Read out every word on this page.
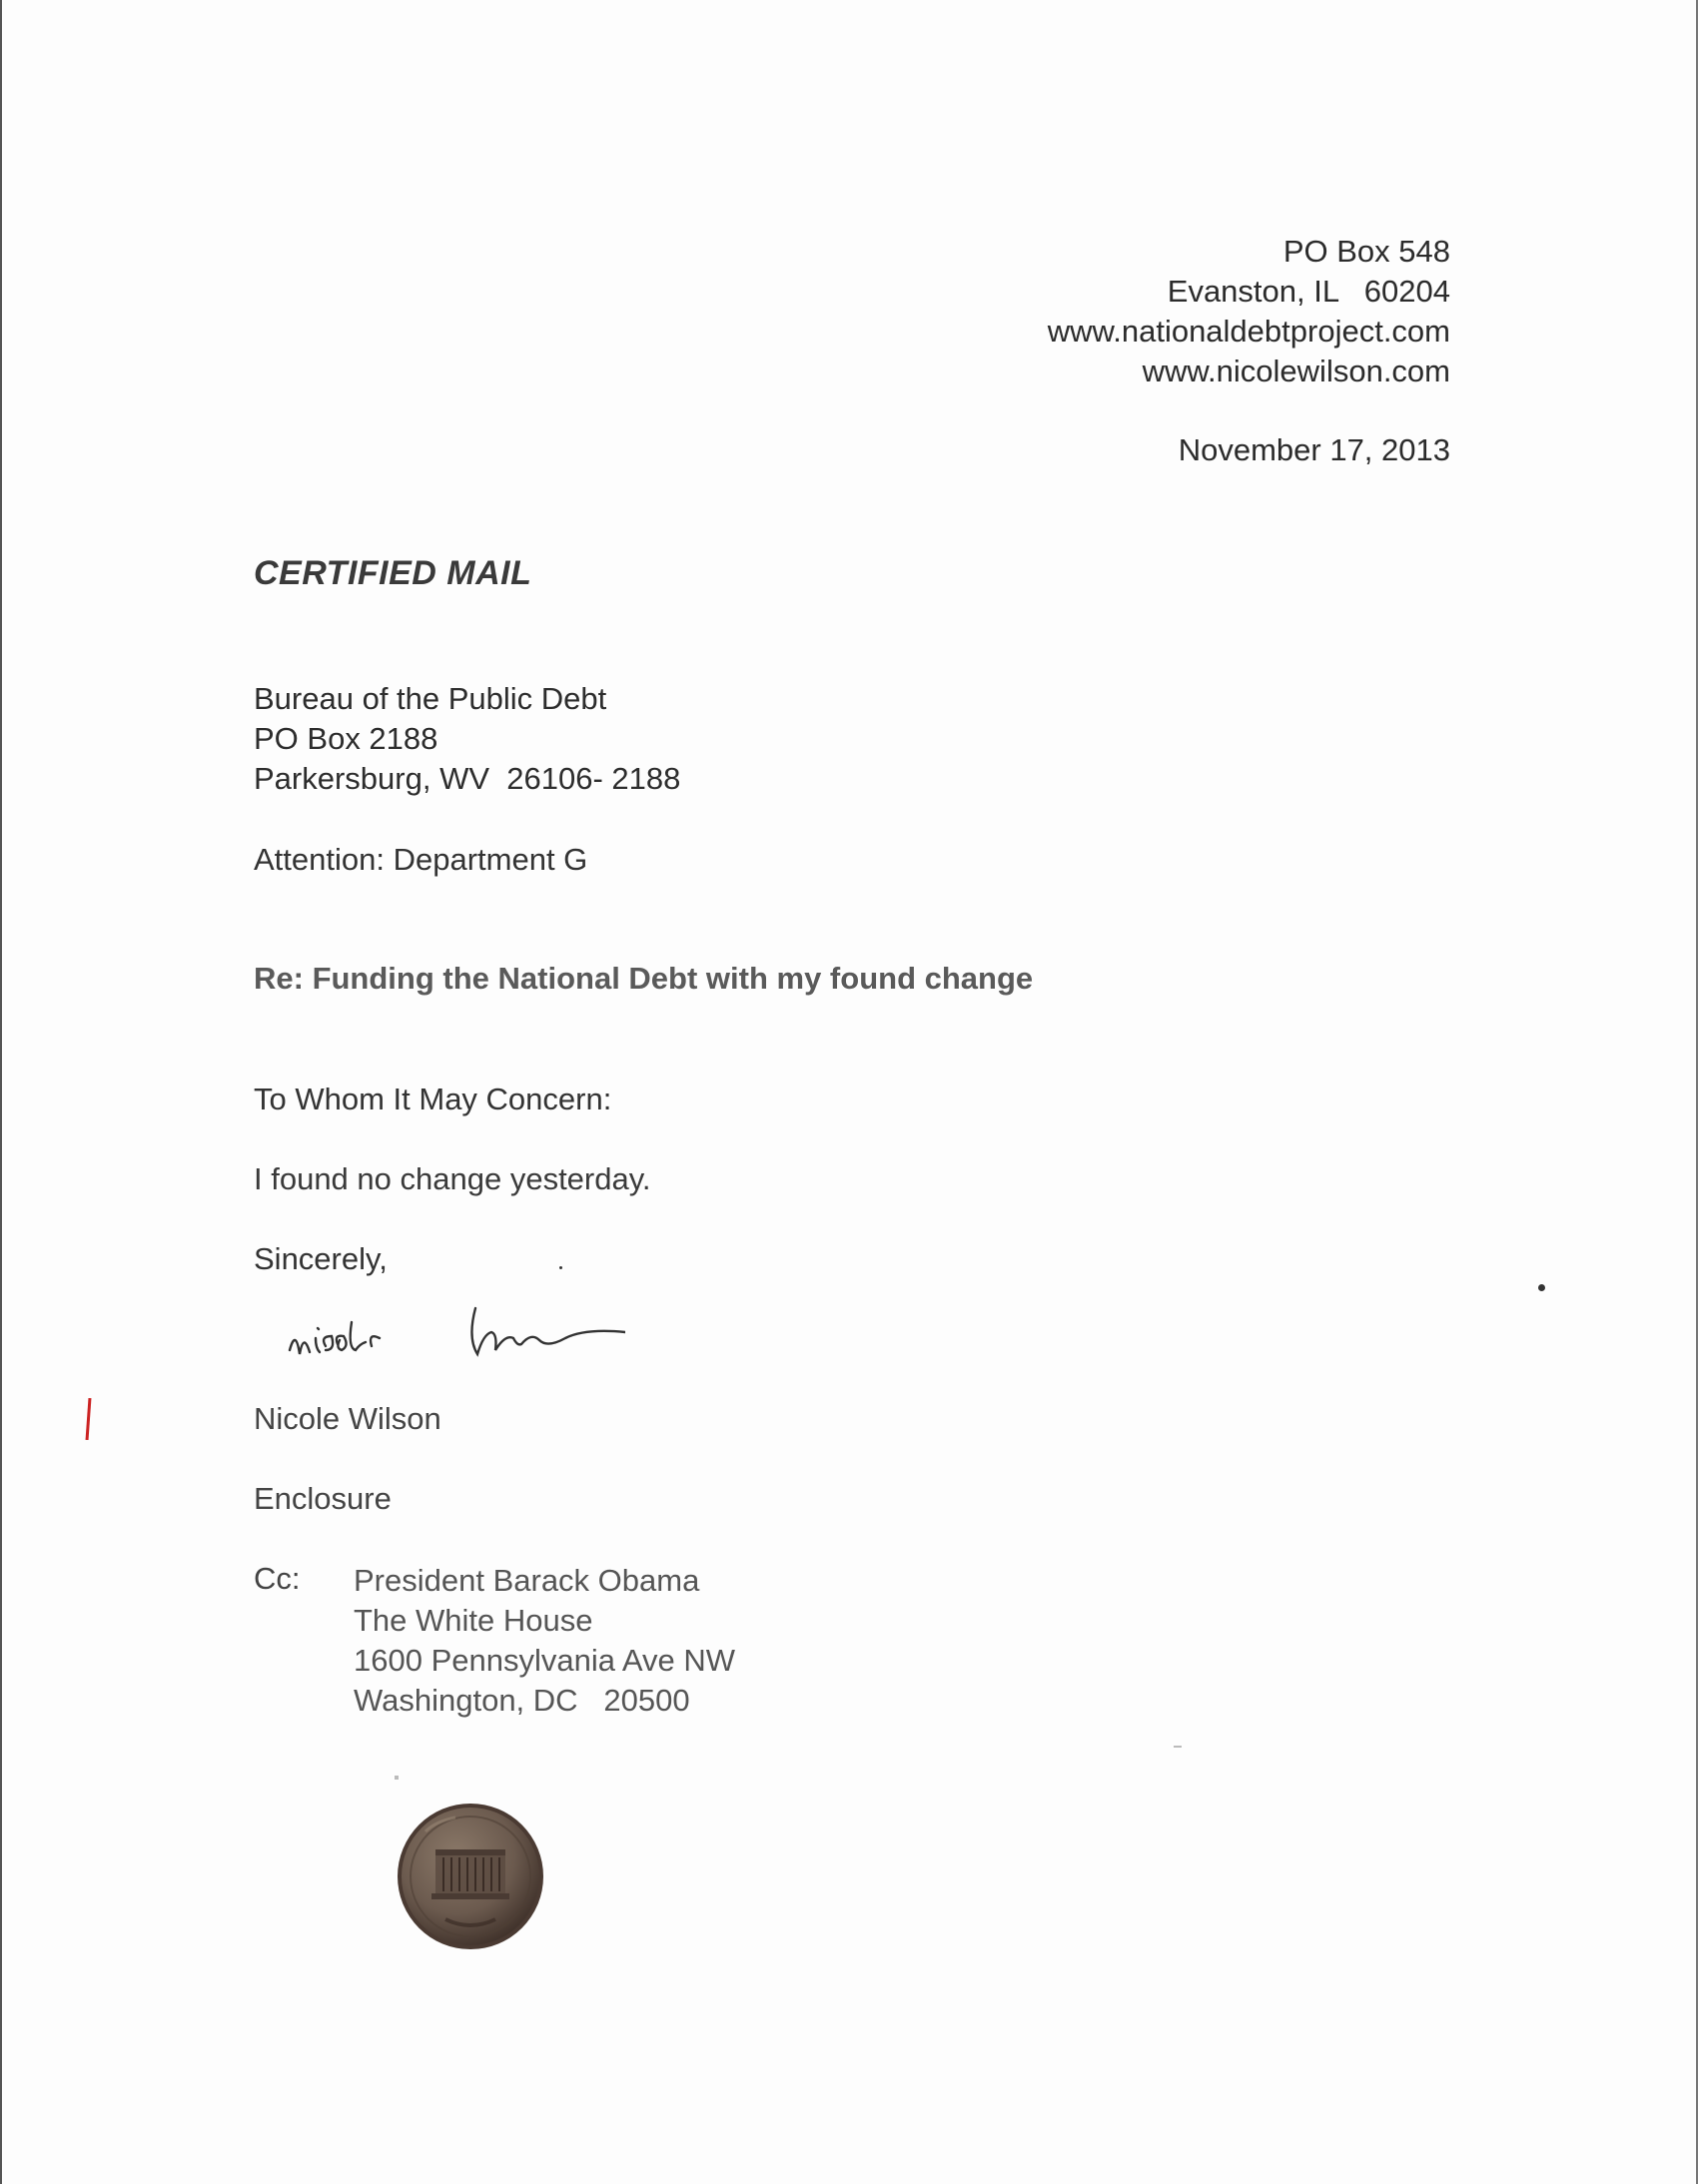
PO Box 548
Evanston, IL   60204
www.nationaldebtproject.com
www.nicolewilson.com
November 17, 2013
CERTIFIED MAIL
Bureau of the Public Debt
PO Box 2188
Parkersburg, WV  26106- 2188
Attention: Department G
Re: Funding the National Debt with my found change
To Whom It May Concern:
I found no change yesterday.
Sincerely,
Nicole Wilson
Enclosure
Cc: President Barack Obama
The White House
1600 Pennsylvania Ave NW
Washington, DC   20500
